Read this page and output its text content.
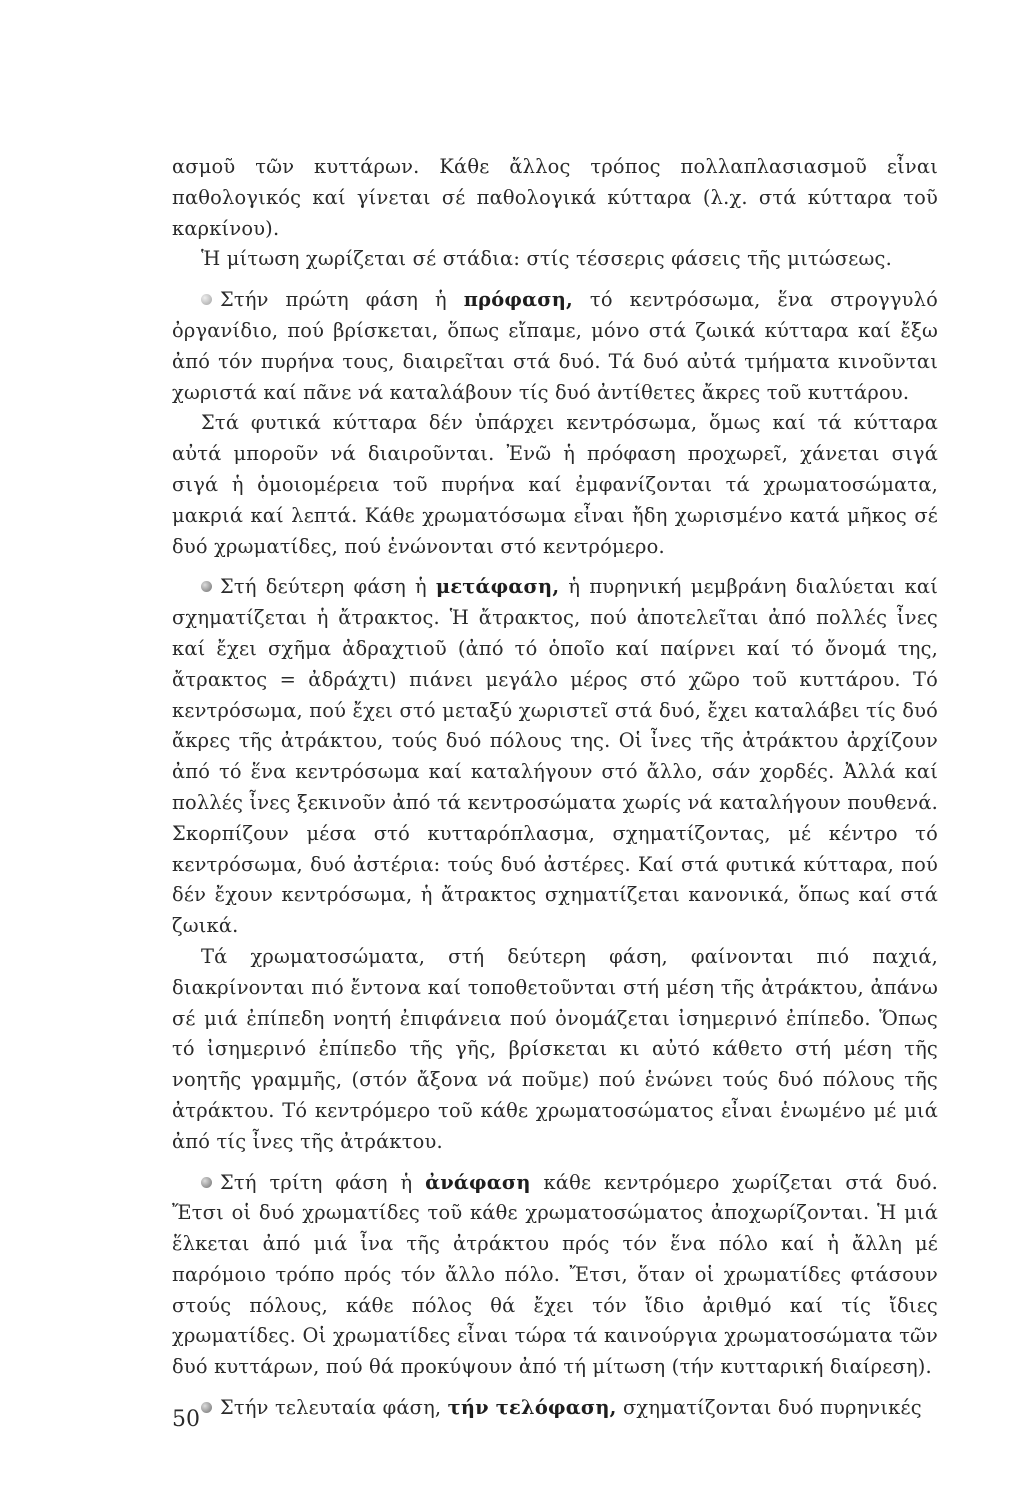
ασμοῦ τῶν κυττάρων. Κάθε ἄλλος τρόπος πολλαπλασιασμοῦ εἶναι παθολογικός καί γίνεται σέ παθολογικά κύτταρα (λ.χ. στά κύτταρα τοῦ καρκίνου).

Ἡ μίτωση χωρίζεται σέ στάδια: στίς τέσσερις φάσεις τῆς μιτώσεως.

Στήν πρώτη φάση ἡ πρόφαση, τό κεντρόσωμα, ἕνα στρογγυλό ὀργανίδιο, πού βρίσκεται, ὅπως εἴπαμε, μόνο στά ζωικά κύτταρα καί ἔξω ἀπό τόν πυρήνα τους, διαιρεῖται στά δυό. Τά δυό αὐτά τμήματα κινοῦνται χωριστά καί πᾶνε νά καταλάβουν τίς δυό ἀντίθετες ἄκρες τοῦ κυττάρου.

Στά φυτικά κύτταρα δέν ὑπάρχει κεντρόσωμα, ὅμως καί τά κύτταρα αὐτά μποροῦν νά διαιροῦνται. Ἐνῶ ἡ πρόφαση προχωρεῖ, χάνεται σιγά σιγά ἡ ὁμοιομέρεια τοῦ πυρήνα καί ἐμφανίζονται τά χρωματοσώματα, μακριά καί λεπτά. Κάθε χρωματόσωμα εἶναι ἤδη χωρισμένο κατά μῆκος σέ δυό χρωματίδες, πού ἑνώνονται στό κεντρόμερο.

Στή δεύτερη φάση ἡ μετάφαση, ἡ πυρηνική μεμβράνη διαλύεται καί σχηματίζεται ἡ ἄτρακτος. Ἡ ἄτρακτος, πού ἀποτελεῖται ἀπό πολλές ἶνες καί ἔχει σχῆμα ἀδραχτιοῦ (ἀπό τό ὁποῖο καί παίρνει καί τό ὄνομά της, ἄτρακτος = ἀδράχτι) πιάνει μεγάλο μέρος στό χῶρο τοῦ κυττάρου. Τό κεντρόσωμα, πού ἔχει στό μεταξύ χωριστεῖ στά δυό, ἔχει καταλάβει τίς δυό ἄκρες τῆς ἀτράκτου, τούς δυό πόλους της. Οἱ ἶνες τῆς ἀτράκτου ἀρχίζουν ἀπό τό ἕνα κεντρόσωμα καί καταλήγουν στό ἄλλο, σάν χορδές. Ἀλλά καί πολλές ἶνες ξεκινοῦν ἀπό τά κεντροσώματα χωρίς νά καταλήγουν πουθενά. Σκορπίζουν μέσα στό κυτταρόπλασμα, σχηματίζοντας, μέ κέντρο τό κεντρόσωμα, δυό ἀστέρια: τούς δυό ἀστέρες. Καί στά φυτικά κύτταρα, πού δέν ἔχουν κεντρόσωμα, ἡ ἄτρακτος σχηματίζεται κανονικά, ὅπως καί στά ζωικά.

Τά χρωματοσώματα, στή δεύτερη φάση, φαίνονται πιό παχιά, διακρίνονται πιό ἔντονα καί τοποθετοῦνται στή μέση τῆς ἀτράκτου, ἀπάνω σέ μιά ἐπίπεδη νοητή ἐπιφάνεια πού ὀνομάζεται ἰσημερινό ἐπίπεδο. Ὅπως τό ἰσημερινό ἐπίπεδο τῆς γῆς, βρίσκεται κι αὐτό κάθετο στή μέση τῆς νοητῆς γραμμῆς, (στόν ἄξονα νά ποῦμε) πού ἑνώνει τούς δυό πόλους τῆς ἀτράκτου. Τό κεντρόμερο τοῦ κάθε χρωματοσώματος εἶναι ἑνωμένο μέ μιά ἀπό τίς ἶνες τῆς ἀτράκτου.

Στή τρίτη φάση ἡ ἀνάφαση κάθε κεντρόμερο χωρίζεται στά δυό. Ἔτσι οἱ δυό χρωματίδες τοῦ κάθε χρωματοσώματος ἀποχωρίζονται. Ἡ μιά ἕλκεται ἀπό μιά ἶνα τῆς ἀτράκτου πρός τόν ἕνα πόλο καί ἡ ἄλλη μέ παρόμοιο τρόπο πρός τόν ἄλλο πόλο. Ἔτσι, ὅταν οἱ χρωματίδες φτάσουν στούς πόλους, κάθε πόλος θά ἔχει τόν ἴδιο ἀριθμό καί τίς ἴδιες χρωματίδες. Οἱ χρωματίδες εἶναι τώρα τά καινούργια χρωματοσώματα τῶν δυό κυττάρων, πού θά προκύψουν ἀπό τή μίτωση (τήν κυτταρική διαίρεση).

Στήν τελευταία φάση, τήν τελόφαση, σχηματίζονται δυό πυρηνικές

50
